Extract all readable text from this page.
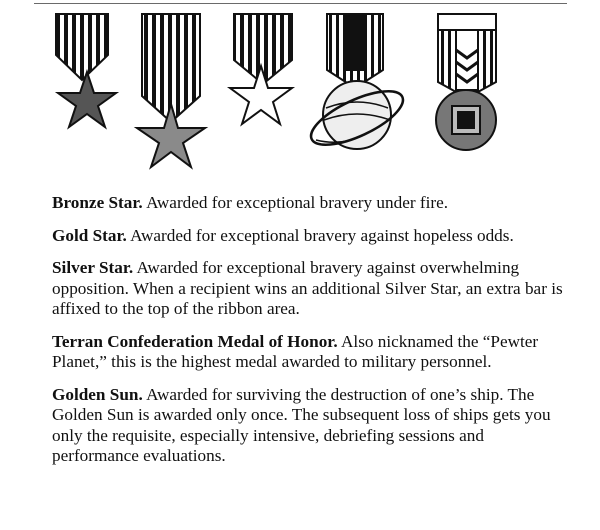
Bronze Star. Awarded for exceptional bravery under fire.

Gold Star. Awarded for exceptional bravery against hopeless odds.

Silver Star. Awarded for exceptional bravery against overwhelming opposition. When a recipient wins an additional Silver Star, an extra bar is affixed to the top of the ribbon area.

Terran Confederation Medal of Honor. Also nicknamed the “Pewter Planet,” this is the highest medal awarded to military personnel.

Golden Sun. Awarded for surviving the destruction of one’s ship. The Golden Sun is awarded only once. The subsequent loss of ships gets you only the requisite, especially intensive, debriefing sessions and performance evaluations.
